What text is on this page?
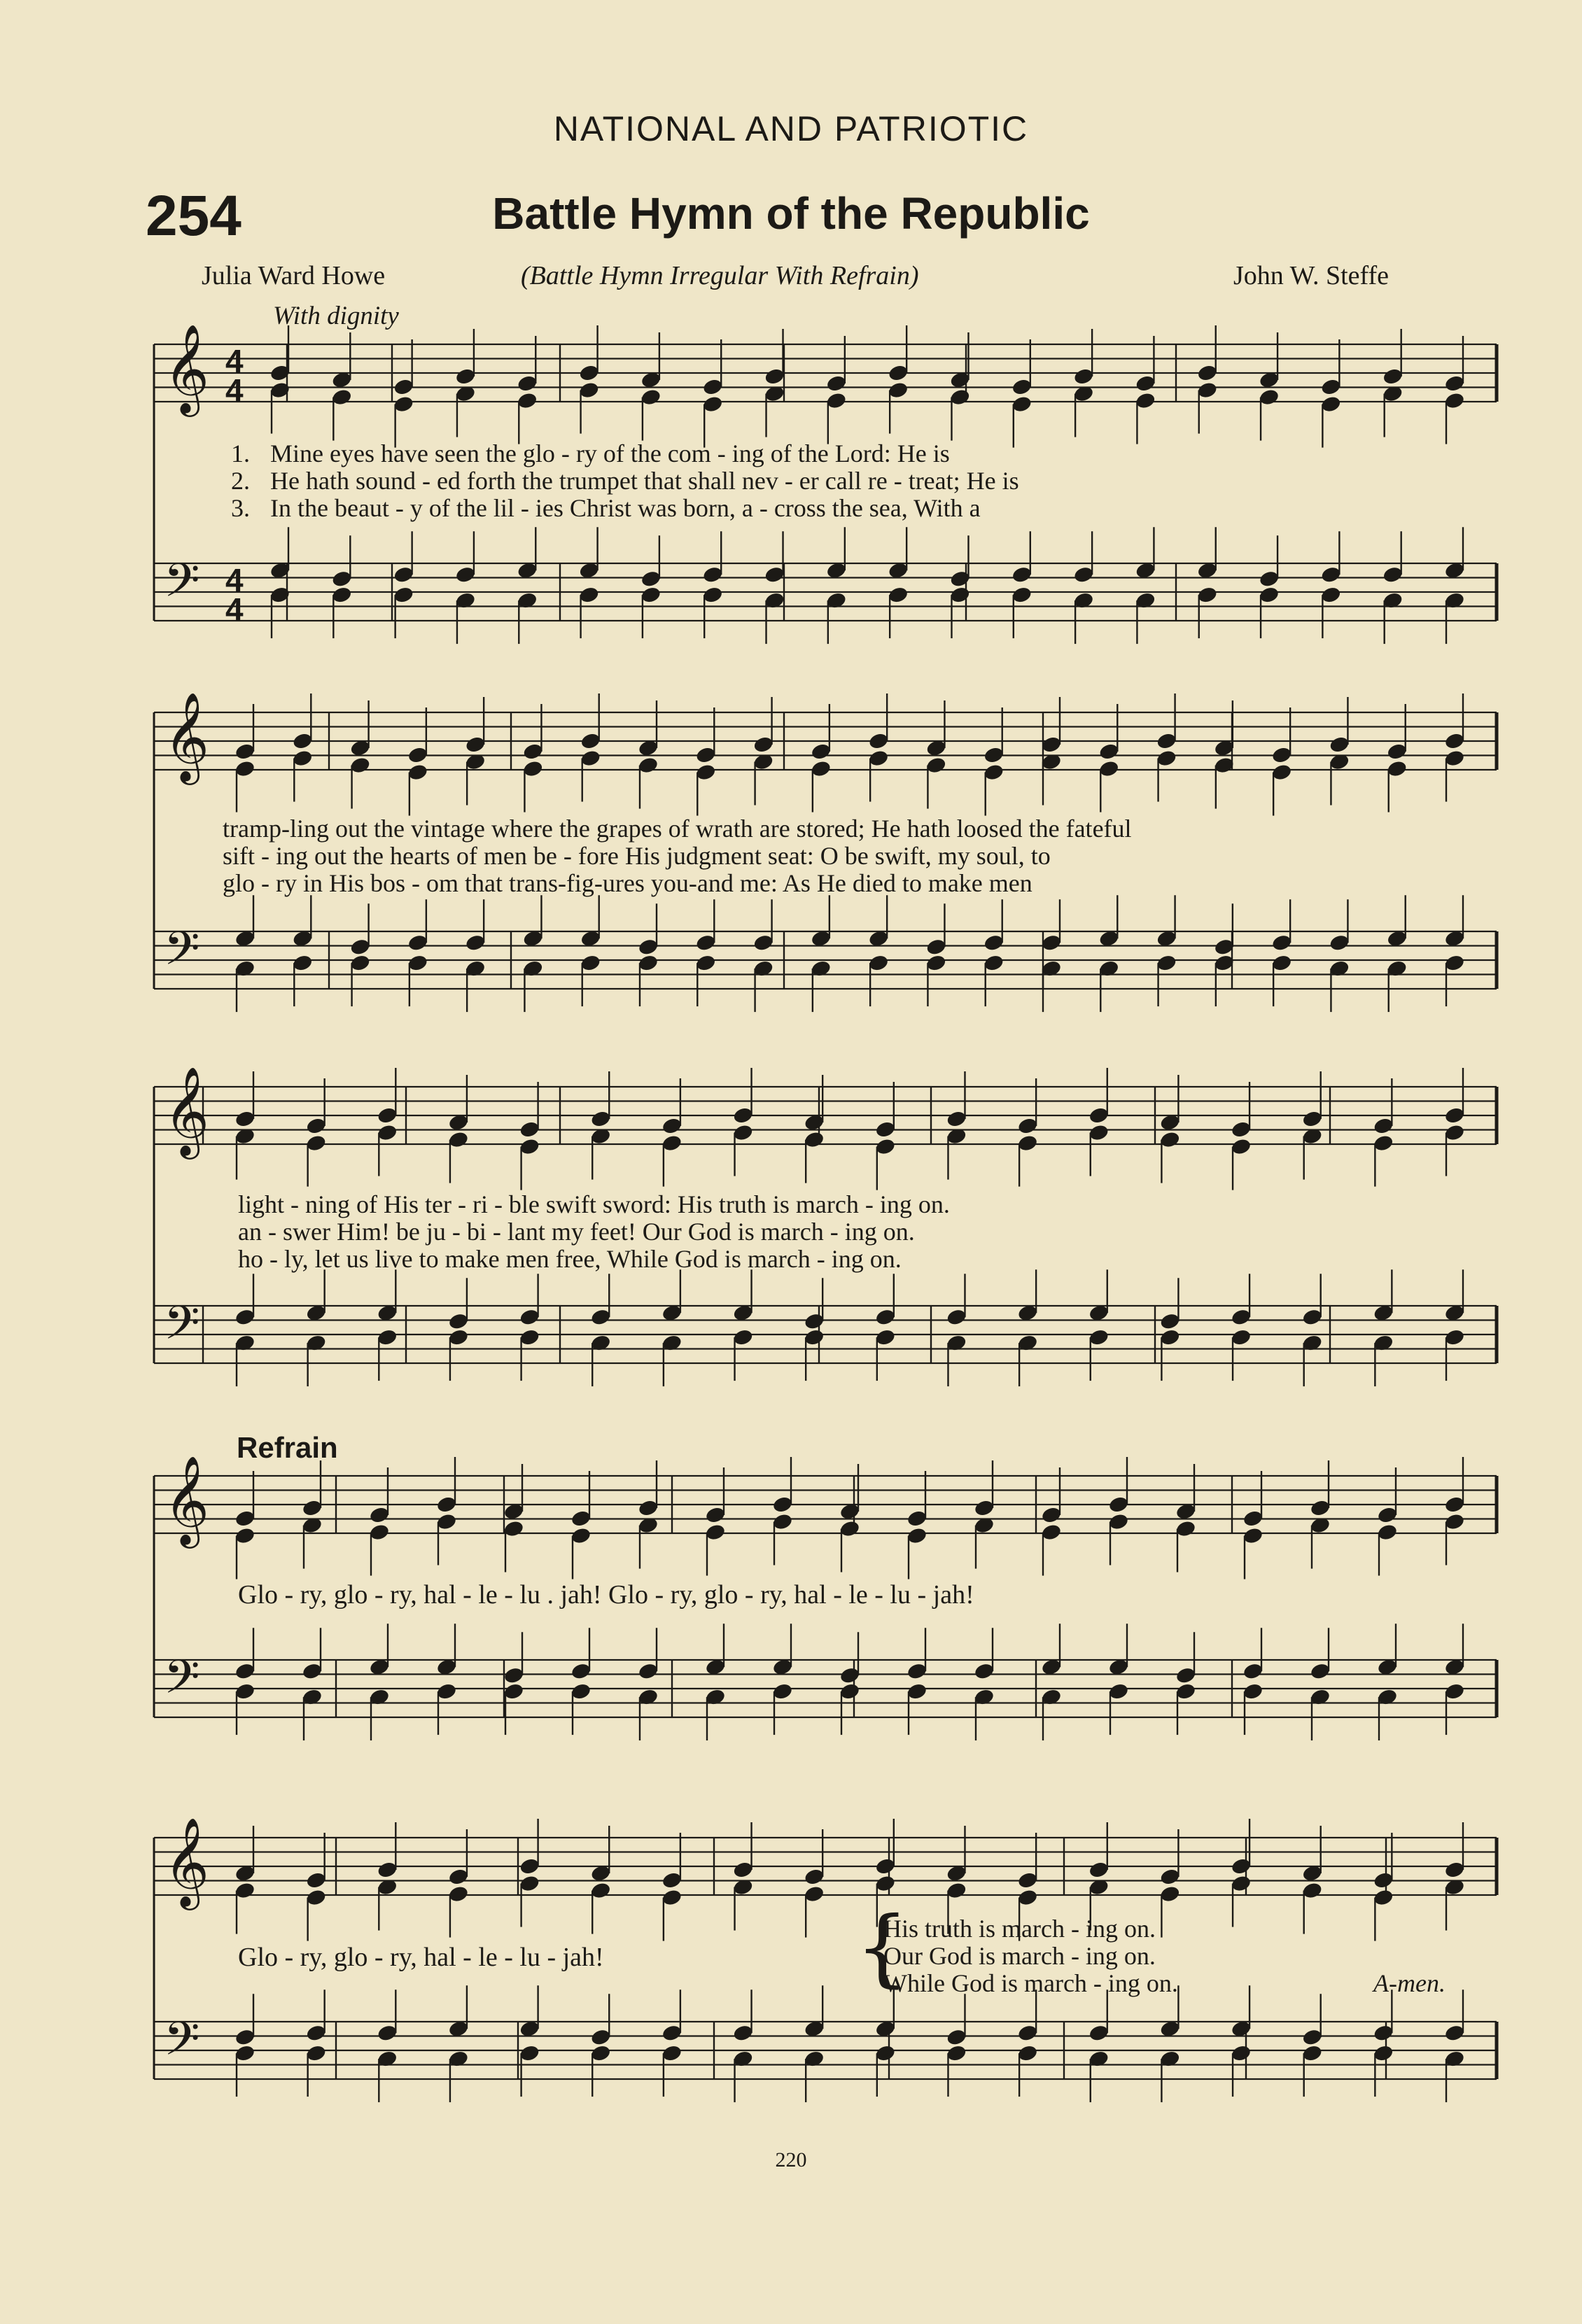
NATIONAL AND PATRIOTIC
254	Battle Hymn of the Republic
Julia Ward Howe	(Battle Hymn Irregular With Refrain)	John W. Steffe
With dignity
Refrain
1. Mine eyes have seen the glo - ry of the com - ing of the Lord: He is
2. He hath sound - ed forth the trumpet that shall nev - er call re - treat; He is
3. In the beaut - y of the lil - ies Christ was born, a - cross the sea, With a
tramp-ling out the vintage where the grapes of wrath are stored; He hath loosed the fateful
sift - ing out the hearts of men be - fore His judgment seat: O be swift, my soul, to
glo - ry in His bos - om that trans-fig-ures you-and me: As He died to make men
light - ning of His ter - ri - ble swift sword: His truth is march - ing on.
an - swer Him! be ju - bi - lant my feet! Our God is march - ing on.
ho - ly, let us live to make men free, While God is march - ing on.
Glo - ry, glo - ry, hal - le - lu . jah! Glo - ry, glo - ry, hal - le - lu - jah!
Glo - ry, glo - ry, hal - le - lu - jah!	{
His truth is march - ing on.
Our God is march - ing on.
While God is march - ing on.	A-men.
220
𝄞 4
4
𝄢 4
4
𝄞
𝄢
𝄞
𝄢
𝄞
𝄢
𝄞
𝄢
